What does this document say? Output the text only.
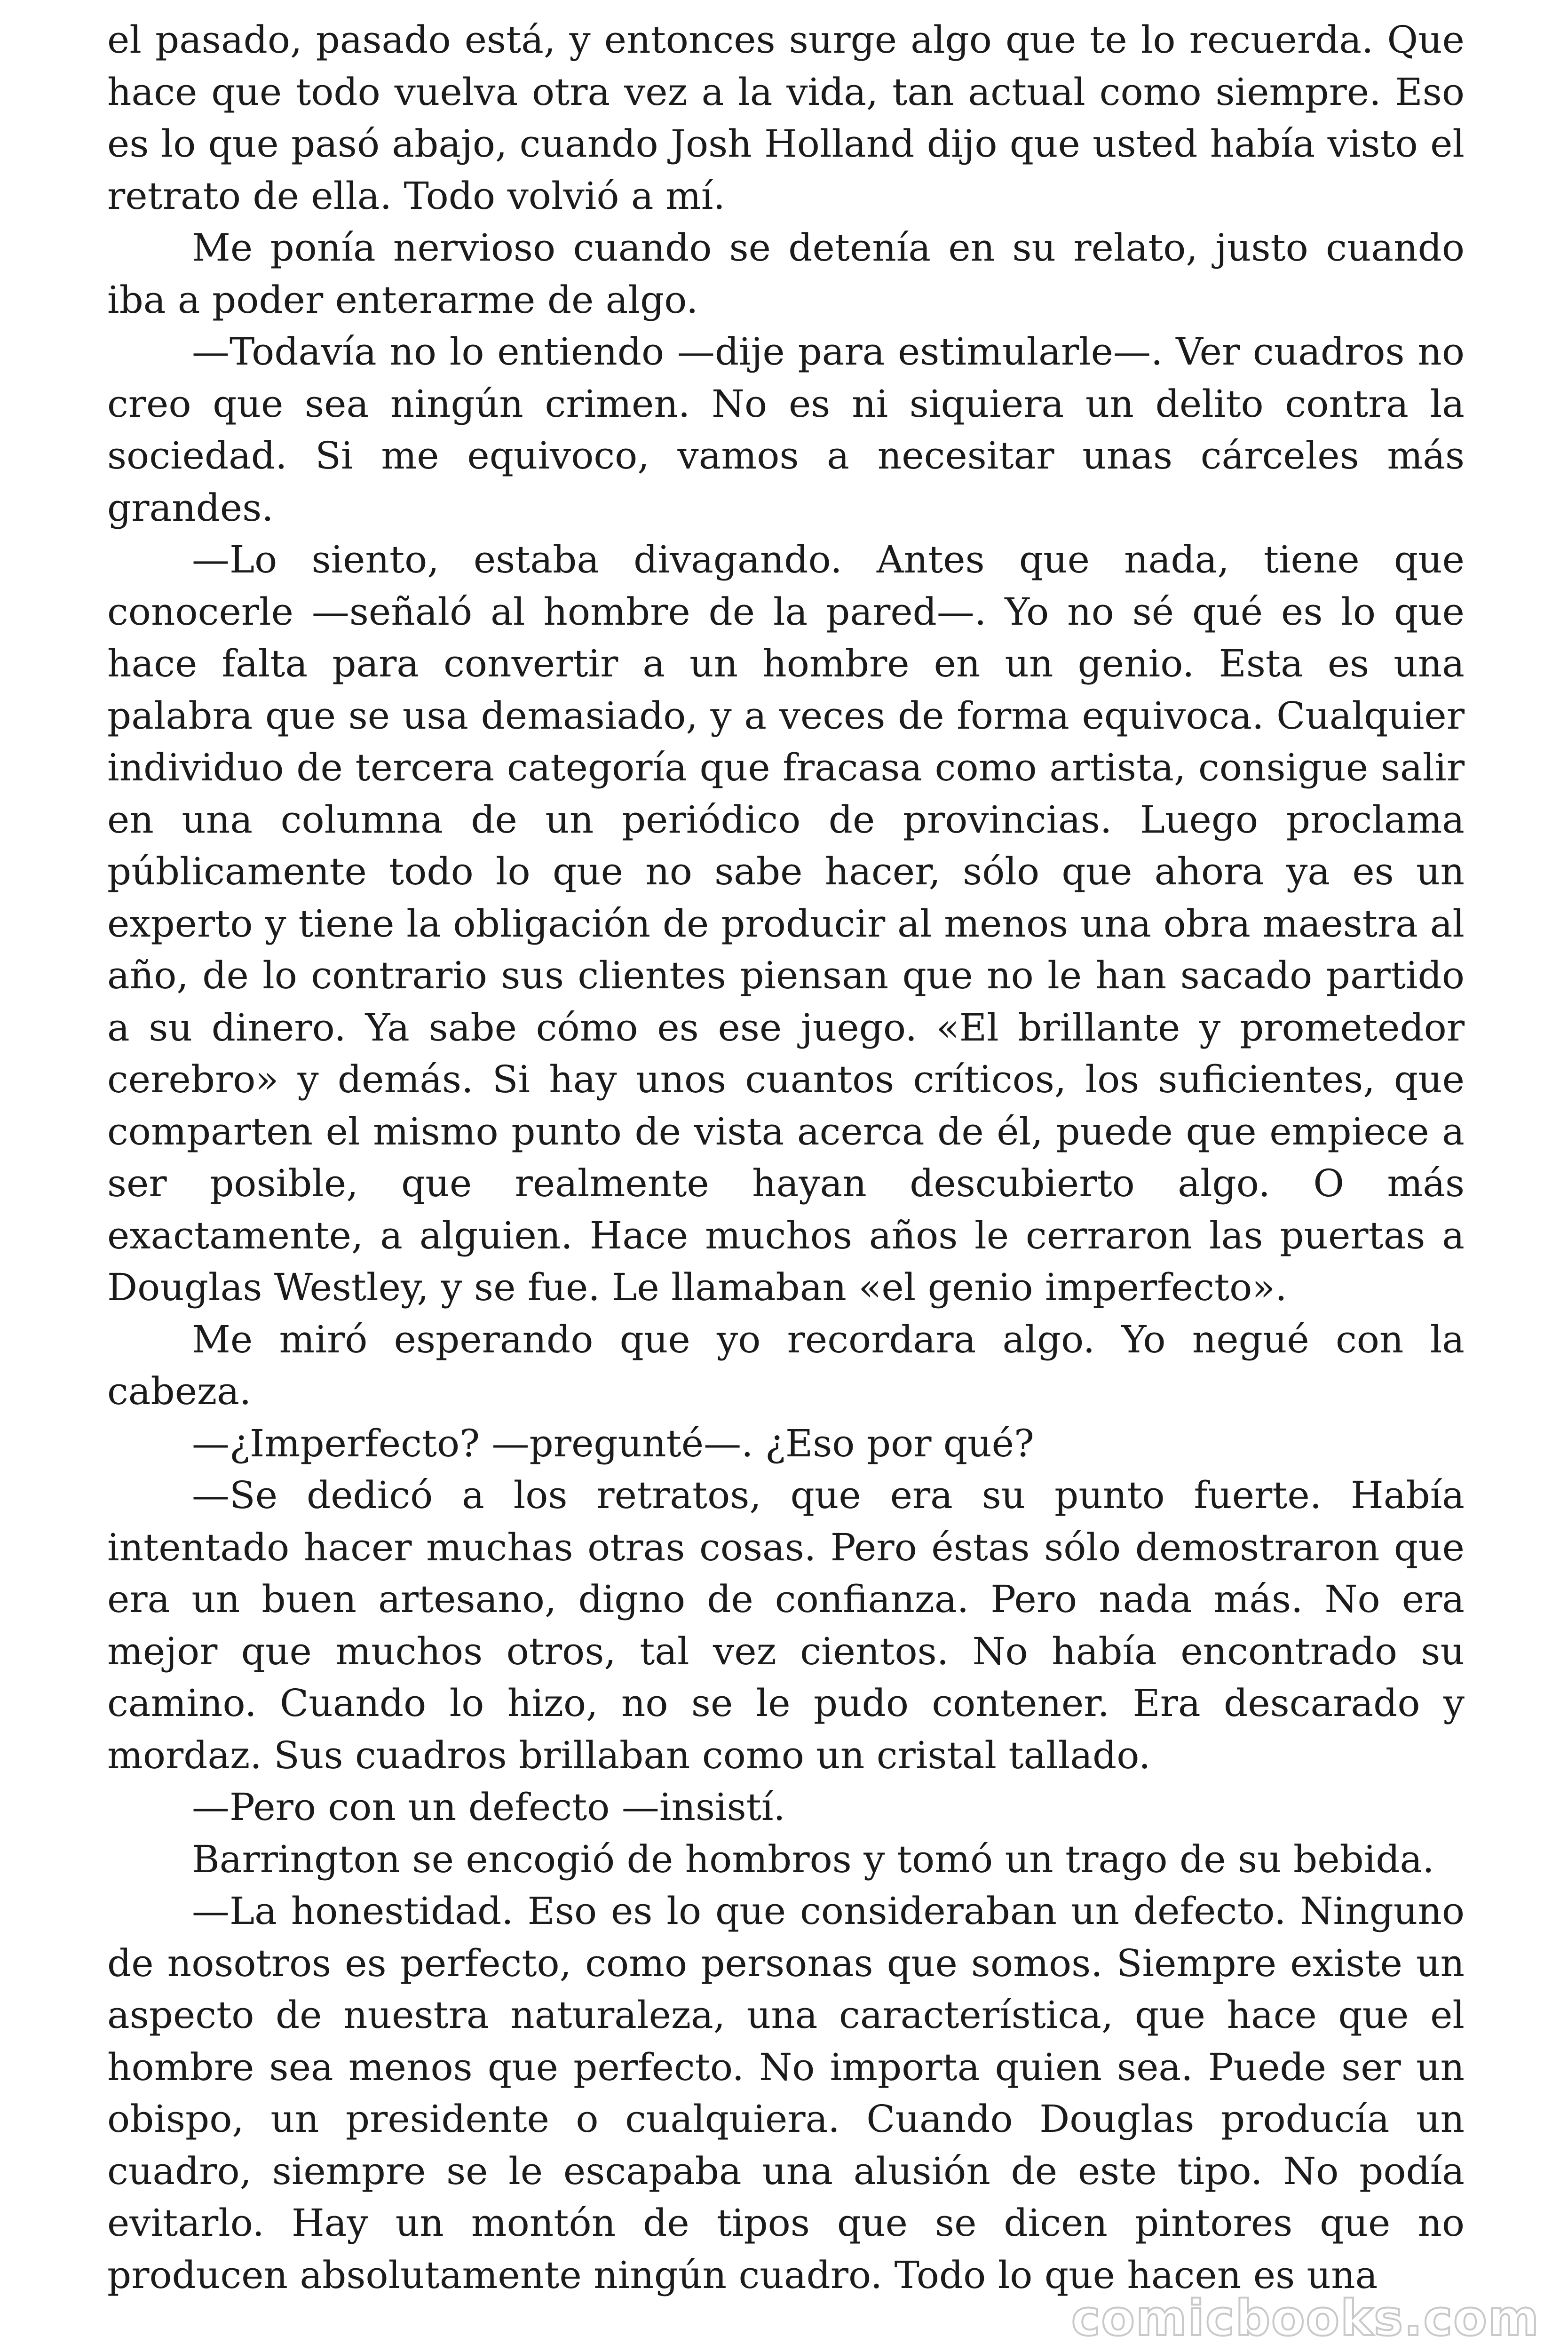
el pasado, pasado está, y entonces surge algo que te lo recuerda. Que hace que todo vuelva otra vez a la vida, tan actual como siempre. Eso es lo que pasó abajo, cuando Josh Holland dijo que usted había visto el retrato de ella. Todo volvió a mí.

Me ponía nervioso cuando se detenía en su relato, justo cuando iba a poder enterarme de algo.

—Todavía no lo entiendo —dije para estimularle—. Ver cuadros no creo que sea ningún crimen. No es ni siquiera un delito contra la sociedad. Si me equivoco, vamos a necesitar unas cárceles más grandes.

—Lo siento, estaba divagando. Antes que nada, tiene que conocerle —señaló al hombre de la pared—. Yo no sé qué es lo que hace falta para convertir a un hombre en un genio. Esta es una palabra que se usa demasiado, y a veces de forma equivoca. Cualquier individuo de tercera categoría que fracasa como artista, consigue salir en una columna de un periódico de provincias. Luego proclama públicamente todo lo que no sabe hacer, sólo que ahora ya es un experto y tiene la obligación de producir al menos una obra maestra al año, de lo contrario sus clientes piensan que no le han sacado partido a su dinero. Ya sabe cómo es ese juego. «El brillante y prometedor cerebro» y demás. Si hay unos cuantos críticos, los suficientes, que comparten el mismo punto de vista acerca de él, puede que empiece a ser posible, que realmente hayan descubierto algo. O más exactamente, a alguien. Hace muchos años le cerraron las puertas a Douglas Westley, y se fue. Le llamaban «el genio imperfecto».

Me miró esperando que yo recordara algo. Yo negué con la cabeza.

—¿Imperfecto? —pregunté—. ¿Eso por qué?

—Se dedicó a los retratos, que era su punto fuerte. Había intentado hacer muchas otras cosas. Pero éstas sólo demostraron que era un buen artesano, digno de confianza. Pero nada más. No era mejor que muchos otros, tal vez cientos. No había encontrado su camino. Cuando lo hizo, no se le pudo contener. Era descarado y mordaz. Sus cuadros brillaban como un cristal tallado.

—Pero con un defecto —insistí.

Barrington se encogió de hombros y tomó un trago de su bebida.

—La honestidad. Eso es lo que consideraban un defecto. Ninguno de nosotros es perfecto, como personas que somos. Siempre existe un aspecto de nuestra naturaleza, una característica, que hace que el hombre sea menos que perfecto. No importa quien sea. Puede ser un obispo, un presidente o cualquiera. Cuando Douglas producía un cuadro, siempre se le escapaba una alusión de este tipo. No podía evitarlo. Hay un montón de tipos que se dicen pintores que no producen absolutamente ningún cuadro. Todo lo que hacen es una

comicbooks.com
